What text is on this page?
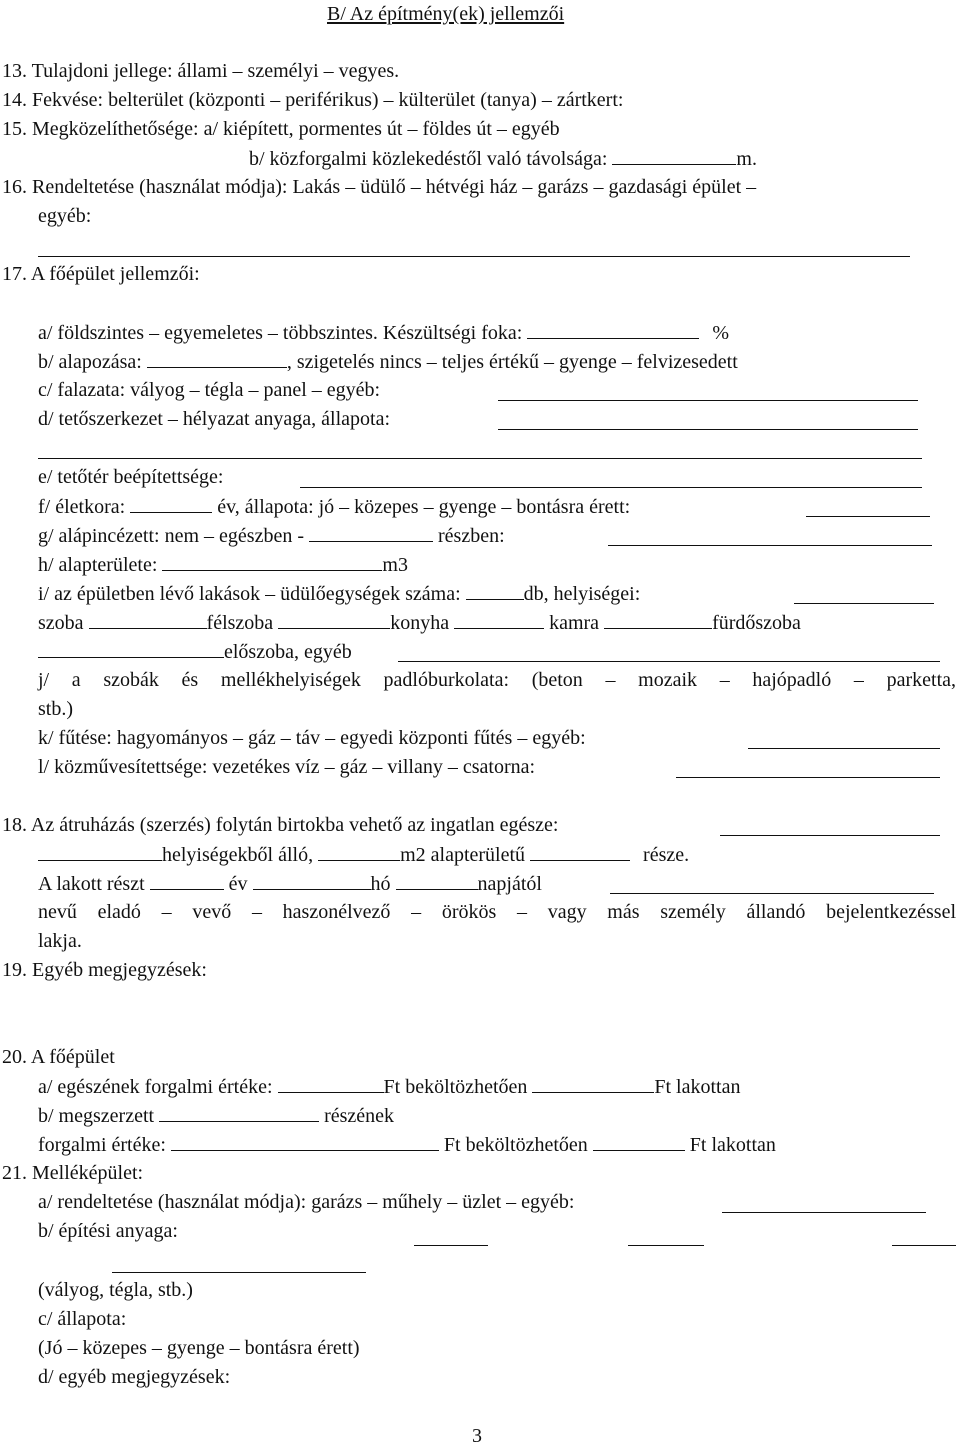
B/ Az építmény(ek) jellemzői
13. Tulajdoni jellege: állami – személyi – vegyes.
14. Fekvése: belterület (központi – periférikus) – külterület (tanya) – zártkert:
15. Megközelíthetősége: a/ kiépített, pormentes út – földes út – egyéb
b/ közforgalmi közlekedéstől való távolsága:	m.
16. Rendeltetése (használat módja): Lakás – üdülő – hétvégi ház – garázs – gazdasági épület –
egyéb:
17. A főépület jellemzői:
a/ földszintes – egyemeletes – többszintes. Készültségi foka:	%
b/ alapozása:	, szigetelés nincs – teljes értékű – gyenge – felvizesedett
c/ falazata: vályog – tégla – panel – egyéb:
d/ tetőszerkezet – hélyazat anyaga, állapota:
e/ tetőtér beépítettsége:
f/ életkora:	év, állapota: jó – közepes – gyenge – bontásra érett:
g/ alápincézett: nem – egészben -	részben:
h/ alapterülete:	m3
i/ az épületben lévő lakások – üdülőegységek száma:	db, helyiségei:
szoba	félszoba	konyha	kamra	fürdőszoba
előszoba, egyéb
j/ a szobák és mellékhelyiségek padlóburkolata: (beton – mozaik – hajópadló – parketta,
stb.)
k/ fűtése: hagyományos – gáz – táv – egyedi központi fűtés – egyéb:
l/ közművesítettsége: vezetékes víz – gáz – villany – csatorna:
18. Az átruházás (szerzés) folytán birtokba vehető az ingatlan egésze:
helyiségekből álló,	m2 alapterületű	része.
A lakott részt	év	hó	napjától
nevű eladó – vevő – haszonélvező – örökös – vagy más személy állandó bejelentkezéssel
lakja.
19. Egyéb megjegyzések:
20. A főépület
a/ egészének forgalmi értéke:	Ft beköltözhetően	Ft lakottan
b/ megszerzett	részének
forgalmi értéke:	Ft beköltözhetően	Ft lakottan
21. Melléképület:
a/ rendeltetése (használat módja): garázs – műhely – üzlet – egyéb:
b/ építési anyaga:
(vályog, tégla, stb.)
c/ állapota:
(Jó – közepes – gyenge – bontásra érett)
d/ egyéb megjegyzések:
3
